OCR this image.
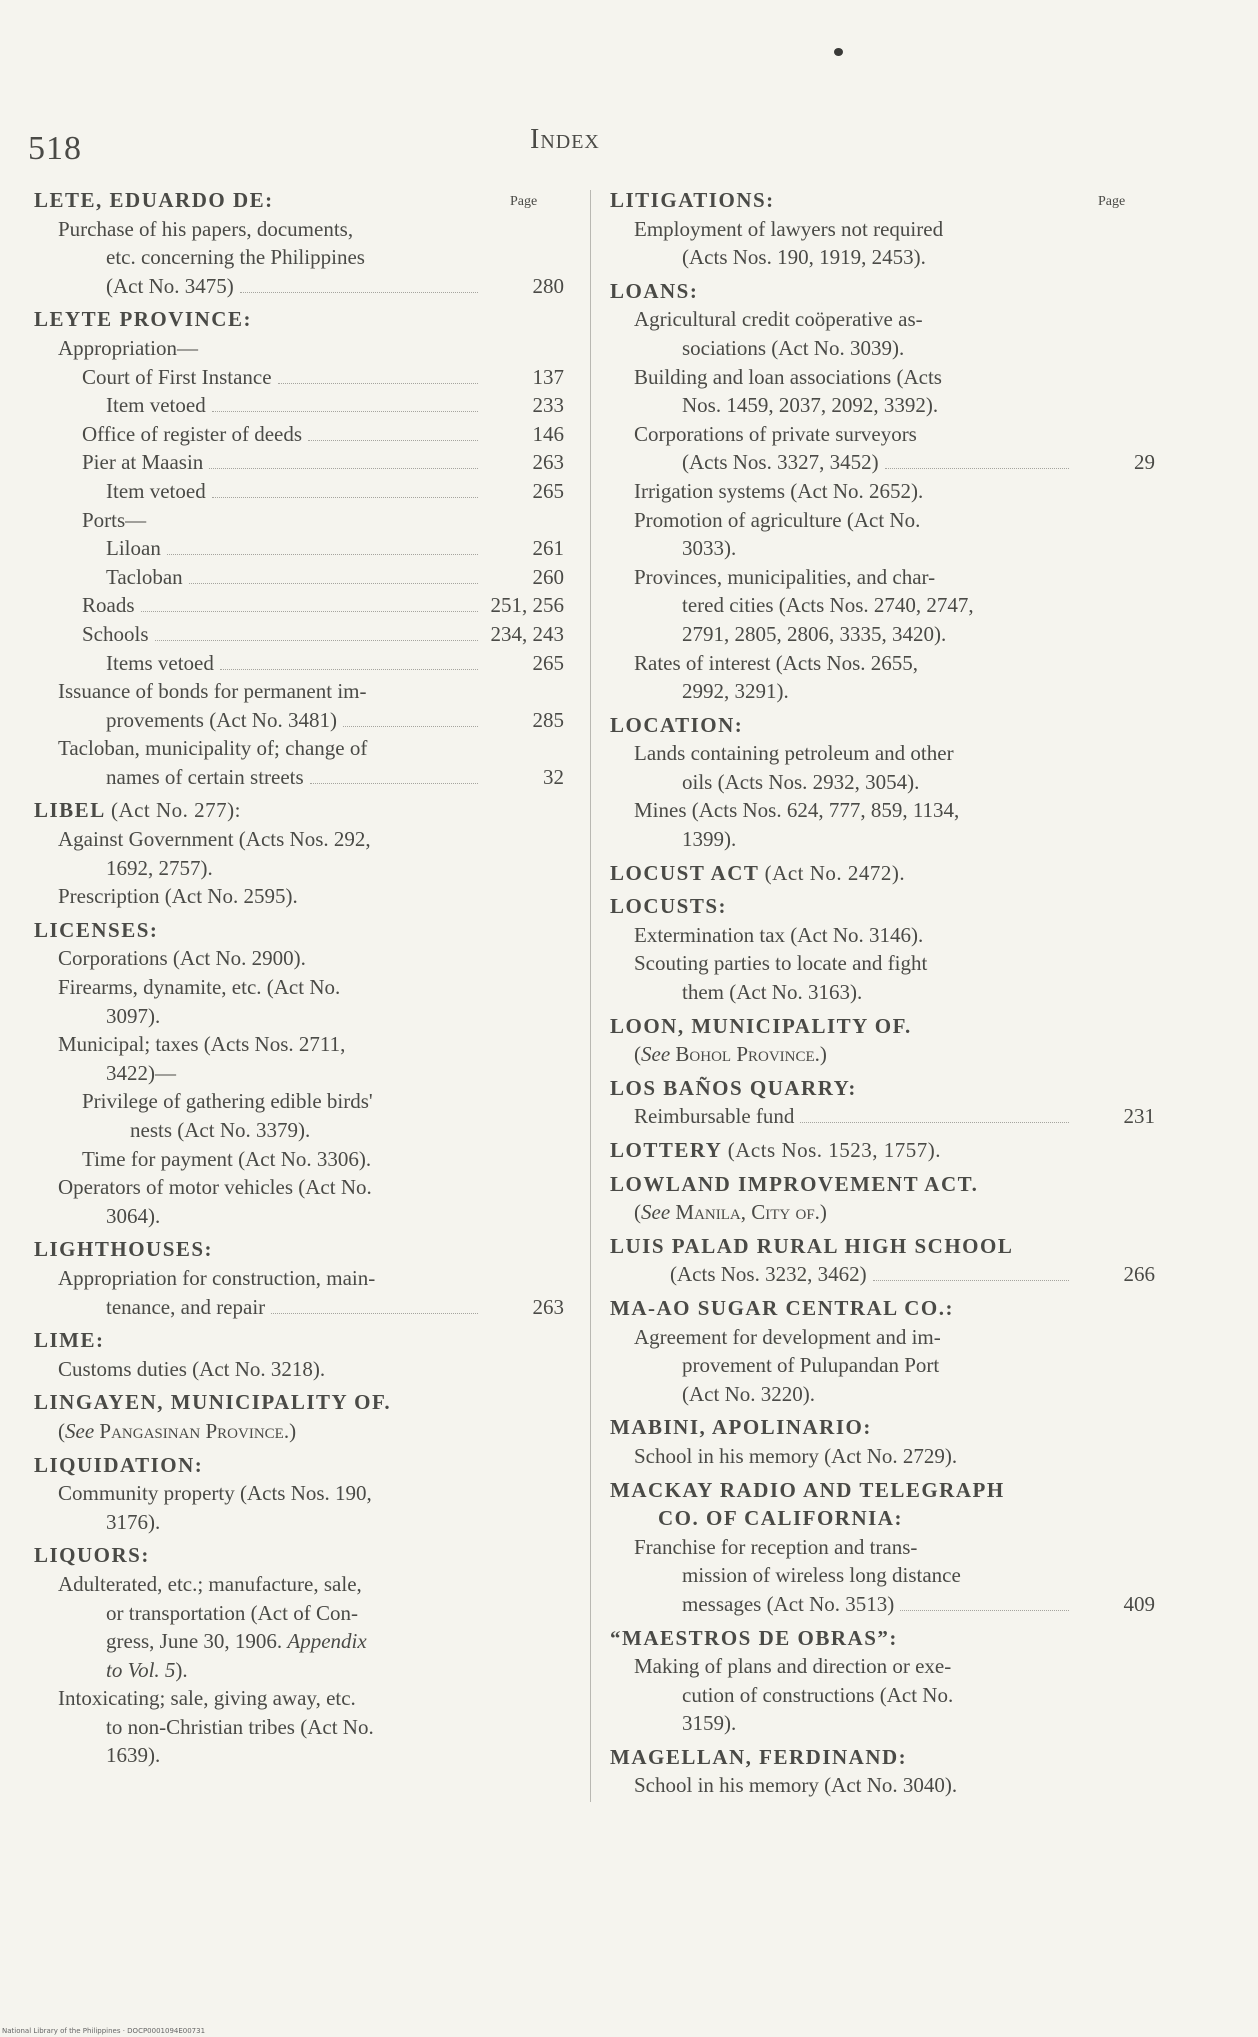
518	Index
Page	Page
LETE, EDUARDO DE:
Purchase of his papers, documents,
etc. concerning the Philippines
(Act No. 3475)	280
LEYTE PROVINCE:
Appropriation—
Court of First Instance	137
Item vetoed	233
Office of register of deeds	146
Pier at Maasin	263
Item vetoed	265
Ports—
Liloan	261
Tacloban	260
Roads	251, 256
Schools	234, 243
Items vetoed	265
Issuance of bonds for permanent im-
provements (Act No. 3481)	285
Tacloban, municipality of; change of
names of certain streets	32
LIBEL (Act No. 277):
Against Government (Acts Nos. 292,
1692, 2757).
Prescription (Act No. 2595).
LICENSES:
Corporations (Act No. 2900).
Firearms, dynamite, etc. (Act No.
3097).
Municipal; taxes (Acts Nos. 2711,
3422)—
Privilege of gathering edible birds'
nests (Act No. 3379).
Time for payment (Act No. 3306).
Operators of motor vehicles (Act No.
3064).
LIGHTHOUSES:
Appropriation for construction, main-
tenance, and repair	263
LIME:
Customs duties (Act No. 3218).
LINGAYEN, MUNICIPALITY OF.
(See Pangasinan Province.)
LIQUIDATION:
Community property (Acts Nos. 190,
3176).
LIQUORS:
Adulterated, etc.; manufacture, sale,
or transportation (Act of Con-
gress, June 30, 1906. Appendix
to Vol. 5).
Intoxicating; sale, giving away, etc.
to non-Christian tribes (Act No.
1639).
LITIGATIONS:
Employment of lawyers not required
(Acts Nos. 190, 1919, 2453).
LOANS:
Agricultural credit coöperative as-
sociations (Act No. 3039).
Building and loan associations (Acts
Nos. 1459, 2037, 2092, 3392).
Corporations of private surveyors
(Acts Nos. 3327, 3452)	29
Irrigation systems (Act No. 2652).
Promotion of agriculture (Act No.
3033).
Provinces, municipalities, and char-
tered cities (Acts Nos. 2740, 2747,
2791, 2805, 2806, 3335, 3420).
Rates of interest (Acts Nos. 2655,
2992, 3291).
LOCATION:
Lands containing petroleum and other
oils (Acts Nos. 2932, 3054).
Mines (Acts Nos. 624, 777, 859, 1134,
1399).
LOCUST ACT (Act No. 2472).
LOCUSTS:
Extermination tax (Act No. 3146).
Scouting parties to locate and fight
them (Act No. 3163).
LOON, MUNICIPALITY OF.
(See Bohol Province.)
LOS BAÑOS QUARRY:
Reimbursable fund	231
LOTTERY (Acts Nos. 1523, 1757).
LOWLAND IMPROVEMENT ACT.
(See Manila, City of.)
LUIS PALAD RURAL HIGH SCHOOL
(Acts Nos. 3232, 3462)	266
MA-AO SUGAR CENTRAL CO.:
Agreement for development and im-
provement of Pulupandan Port
(Act No. 3220).
MABINI, APOLINARIO:
School in his memory (Act No. 2729).
MACKAY RADIO AND TELEGRAPH
CO. OF CALIFORNIA:
Franchise for reception and trans-
mission of wireless long distance
messages (Act No. 3513)	409
“MAESTROS DE OBRAS”:
Making of plans and direction or exe-
cution of constructions (Act No.
3159).
MAGELLAN, FERDINAND:
School in his memory (Act No. 3040).
National Library of the Philippines · DOCP0001094E00731
